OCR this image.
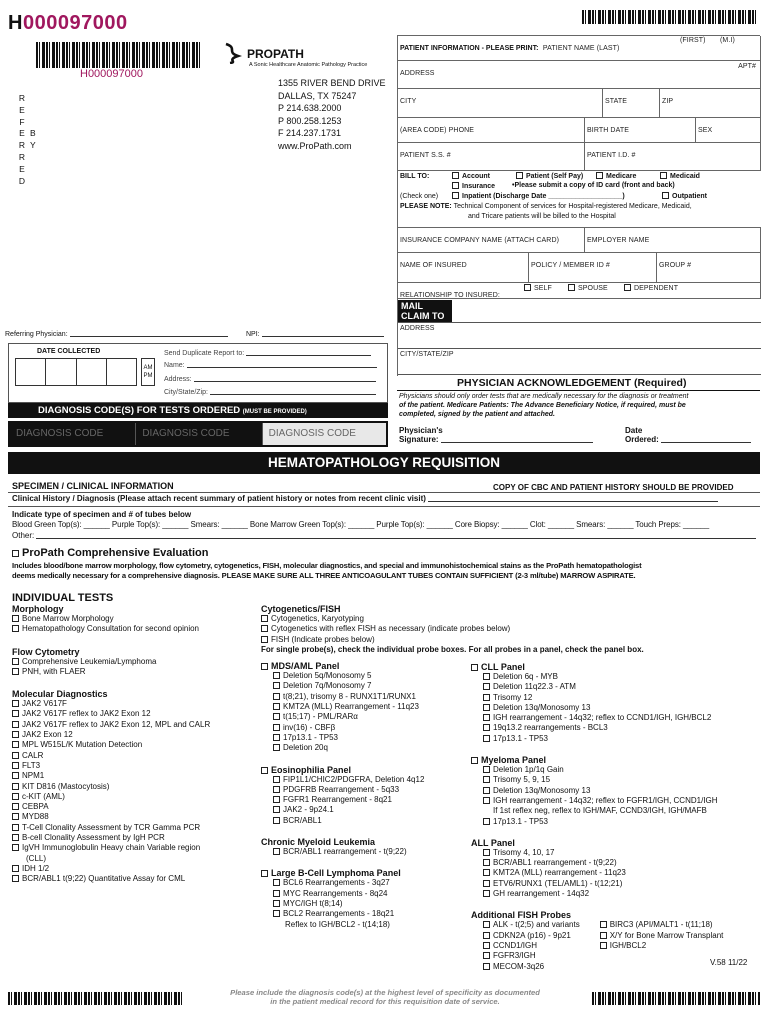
H000097000
H000097000
PROPATH
A Sonic Healthcare Anatomic Pathology Practice
1355 RIVER BEND DRIVE
DALLAS, TX 75247
P 214.638.2000
P 800.258.1253
F 214.237.1731
www.ProPath.com
R
E
F
E
R
R
E
D
B
Y
PATIENT INFORMATION - PLEASE PRINT: PATIENT NAME (LAST)
(FIRST) (M.I)
ADDRESS
APT#
CITY	STATE	ZIP
(AREA CODE) PHONE	BIRTH DATE	SEX
PATIENT S.S. #	PATIENT I.D. #
BILL TO:	Account	Patient (Self Pay)	Medicare	Medicaid
Insurance •Please submit a copy of ID card (front and back)
(Check one)	Inpatient (Discharge Date ___________________)	Outpatient
PLEASE NOTE: Technical Component of services for Hospital-registered Medicare, Medicaid,
and Tricare patients will be billed to the Hospital
INSURANCE COMPANY NAME (ATTACH CARD)	EMPLOYER NAME
NAME OF INSURED	POLICY / MEMBER ID #	GROUP #
RELATIONSHIP TO INSURED:
SELF	SPOUSE	DEPENDENT
MAIL
CLAIM TO
ADDRESS
CITY/STATE/ZIP
Referring Physician:	NPI:
DATE COLLECTED
AM
PM
Send Duplicate Report to:
Name:
Address:
City/State/Zip:
DIAGNOSIS CODE(S) FOR TESTS ORDERED (MUST BE PROVIDED)
DIAGNOSIS CODE	DIAGNOSIS CODE	DIAGNOSIS CODE
PHYSICIAN ACKNOWLEDGEMENT (Required)
Physicians should only order tests that are medically necessary for the diagnosis or treatment
of the patient. Medicare Patients: The Advance Beneficiary Notice, if required, must be
completed, signed by the patient and attached.
Physician's
Signature:
Date
Ordered:
HEMATOPATHOLOGY REQUISITION
SPECIMEN / CLINICAL INFORMATION	COPY OF CBC AND PATIENT HISTORY SHOULD BE PROVIDED
Clinical History / Diagnosis (Please attach recent summary of patient history or notes from recent clinic visit)
Indicate type of specimen and # of tubes below
Blood Green Top(s): ______ Purple Top(s): ______ Smears: ______ Bone Marrow Green Top(s): ______ Purple Top(s): ______ Core Biopsy: ______ Clot: ______ Smears: ______ Touch Preps: ______
Other:
ProPath Comprehensive Evaluation
Includes blood/bone marrow morphology, flow cytometry, cytogenetics, FISH, molecular diagnostics, and special and immunohistochemical stains as the ProPath hematopathologist
deems medically necessary for a comprehensive diagnosis. PLEASE MAKE SURE ALL THREE ANTICOAGULANT TUBES CONTAIN SUFFICIENT (2-3 ml/tube) MARROW ASPIRATE.
INDIVIDUAL TESTS
Morphology
Bone Marrow Morphology
Hematopathology Consultation for second opinion
Flow Cytometry
Comprehensive Leukemia/Lymphoma
PNH, with FLAER
Molecular Diagnostics
JAK2 V617F
JAK2 V617F reflex to JAK2 Exon 12
JAK2 V617F reflex to JAK2 Exon 12, MPL and CALR
JAK2 Exon 12
MPL W515L/K Mutation Detection
CALR
FLT3
NPM1
KIT D816 (Mastocytosis)
c-KIT (AML)
CEBPA
MYD88
T-Cell Clonality Assessment by TCR Gamma PCR
B-cell Clonality Assessment by IgH PCR
IgVH Immunoglobulin Heavy chain Variable region
(CLL)
IDH 1/2
BCR/ABL1 t(9;22) Quantitative Assay for CML
Cytogenetics/FISH
Cytogenetics, Karyotyping
Cytogenetics with reflex FISH as necessary (indicate probes below)
FISH (Indicate probes below)
For single probe(s), check the individual probe boxes. For all probes in a panel, check the panel box.
MDS/AML Panel
Deletion 5q/Monosomy 5
Deletion 7q/Monosomy 7
t(8;21), trisomy 8 - RUNX1T1/RUNX1
KMT2A (MLL) Rearrangement - 11q23
t(15;17) - PML/RARα
inv(16) - CBFβ
17p13.1 - TP53
Deletion 20q
Eosinophilia Panel
FIP1L1/CHIC2/PDGFRA, Deletion 4q12
PDGFRB Rearrangement - 5q33
FGFR1 Rearrangement - 8q21
JAK2 - 9p24.1
BCR/ABL1
Chronic Myeloid Leukemia
BCR/ABL1 rearrangement - t(9;22)
Large B-Cell Lymphoma Panel
BCL6 Rearrangements - 3q27
MYC Rearrangements - 8q24
MYC/IGH t(8;14)
BCL2 Rearrangements - 18q21
Reflex to IGH/BCL2 - t(14;18)
CLL Panel
Deletion 6q - MYB
Deletion 11q22.3 - ATM
Trisomy 12
Deletion 13q/Monosomy 13
IGH rearrangement - 14q32; reflex to CCND1/IGH, IGH/BCL2
19q13.2 rearrangements - BCL3
17p13.1 - TP53
Myeloma Panel
Deletion 1p/1q Gain
Trisomy 5, 9, 15
Deletion 13q/Monosomy 13
IGH rearrangement - 14q32; reflex to FGFR1/IGH, CCND1/IGH
If 1st reflex neg, reflex to IGH/MAF, CCND3/IGH, IGH/MAFB
17p13.1 - TP53
ALL Panel
Trisomy 4, 10, 17
BCR/ABL1 rearrangement - t(9;22)
KMT2A (MLL) rearrangement - 11q23
ETV6/RUNX1 (TEL/AML1) - t(12;21)
GH rearrangement - 14q32
Additional FISH Probes
ALK - t(2;5) and variants
CDKN2A (p16) - 9p21
CCND1/IGH
FGFR3/IGH
MECOM-3q26
BIRC3 (API/MALT1 - t(11;18)
X/Y for Bone Marrow Transplant
IGH/BCL2
V.58 11/22
Please include the diagnosis code(s) at the highest level of specificity as documented
in the patient medical record for this requisition date of service.
